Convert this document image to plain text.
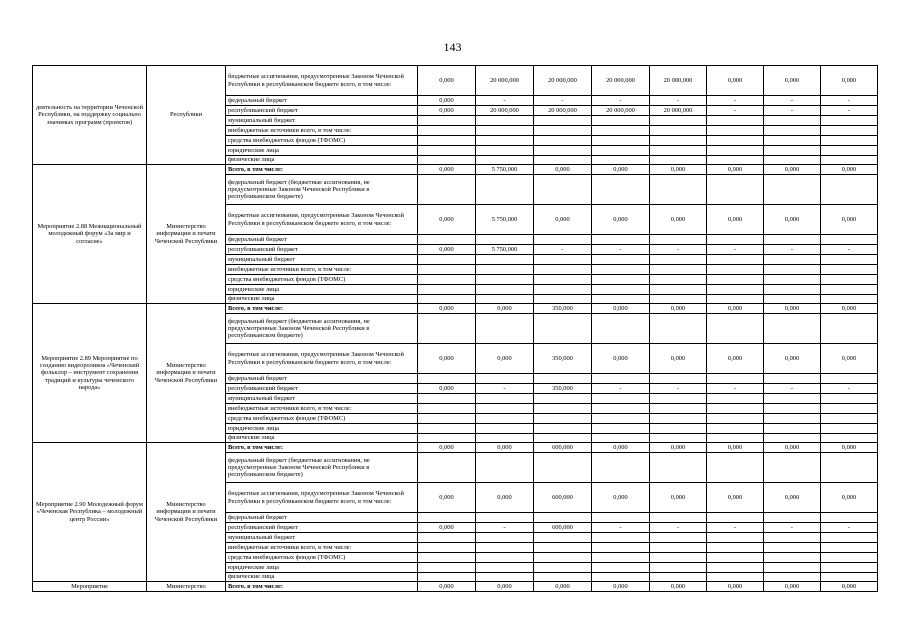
143
деятельность на территории Чеченской Республики, на поддержку социально значимых программ (проектов)	Республики	бюджетные ассигнования, предусмотренные Законом Чеченской Республики в республиканском бюджете всего, в том числе:	0,000	20 000,000	20 000,000	20 000,000	20 000,000	0,000	0,000	0,000
		федеральный бюджет	0,000	-	-	-	-	-	-	-
		республиканский бюджет	0,000	20 000,000	20 000,000	20 000,000	20 000,000	-	-	-
		муниципальный бюджет								
		внебюджетные источники всего, в том числе:								
		средства внебюджетных фондов (ТФОМС)								
		юридические лица								
		физические лица								
Мероприятие 2.88 Межнациональный молодежный форум «За мир и согласие»	Министерство информации и печати Чеченской Республики	Всего, в том числе:	0,000	5 750,000	0,000	0,000	0,000	0,000	0,000	0,000
		федеральный бюджет (бюджетные ассигнования, не предусмотренные Законом Чеченской Республики в республиканском бюджете)								
		бюджетные ассигнования, предусмотренные Законом Чеченской Республики в республиканском бюджете всего, в том числе:	0,000	5 750,000	0,000	0,000	0,000	0,000	0,000	0,000
		федеральный бюджет								
		республиканский бюджет	0,000	5 750,000	-	-	-	-	-	-
		муниципальный бюджет								
		внебюджетные источники всего, в том числе:								
		средства внебюджетных фондов (ТФОМС)								
		юридические лица								
		физические лица								
Мероприятие 2.89 Мероприятие по созданию видеороликов «Чеченский фольклор – инструмент сохранения традиций и культуры чеченского народа»	Министерство информации и печати Чеченской Республики	Всего, в том числе:	0,000	0,000	350,000	0,000	0,000	0,000	0,000	0,000
		федеральный бюджет (бюджетные ассигнования, не предусмотренные Законом Чеченской Республики в республиканском бюджете)								
		бюджетные ассигнования, предусмотренные Законом Чеченской Республики в республиканском бюджете всего, в том числе:	0,000	0,000	350,000	0,000	0,000	0,000	0,000	0,000
		федеральный бюджет								
		республиканский бюджет	0,000	-	350,000	-	-	-	-	-
		муниципальный бюджет								
		внебюджетные источники всего, в том числе:								
		средства внебюджетных фондов (ТФОМС)								
		юридические лица								
		физические лица								
Мероприятие 2.90 Молодежный форум «Чеченская Республика – молодежный центр России»	Министерство информации и печати Чеченской Республики	Всего, в том числе:	0,000	0,000	600,000	0,000	0,000	0,000	0,000	0,000
		федеральный бюджет (бюджетные ассигнования, не предусмотренные Законом Чеченской Республики в республиканском бюджете)								
		бюджетные ассигнования, предусмотренные Законом Чеченской Республики в республиканском бюджете всего, в том числе:	0,000	0,000	600,000	0,000	0,000	0,000	0,000	0,000
		федеральный бюджет								
		республиканский бюджет	0,000	-	600,000	-	-	-	-	-
		муниципальный бюджет								
		внебюджетные источники всего, в том числе:								
		средства внебюджетных фондов (ТФОМС)								
		юридические лица								
		физические лица								
Мероприятие	Министерство	Всего, в том числе:	0,000	0,000	0,000	0,000	0,000	0,000	0,000	0,000
